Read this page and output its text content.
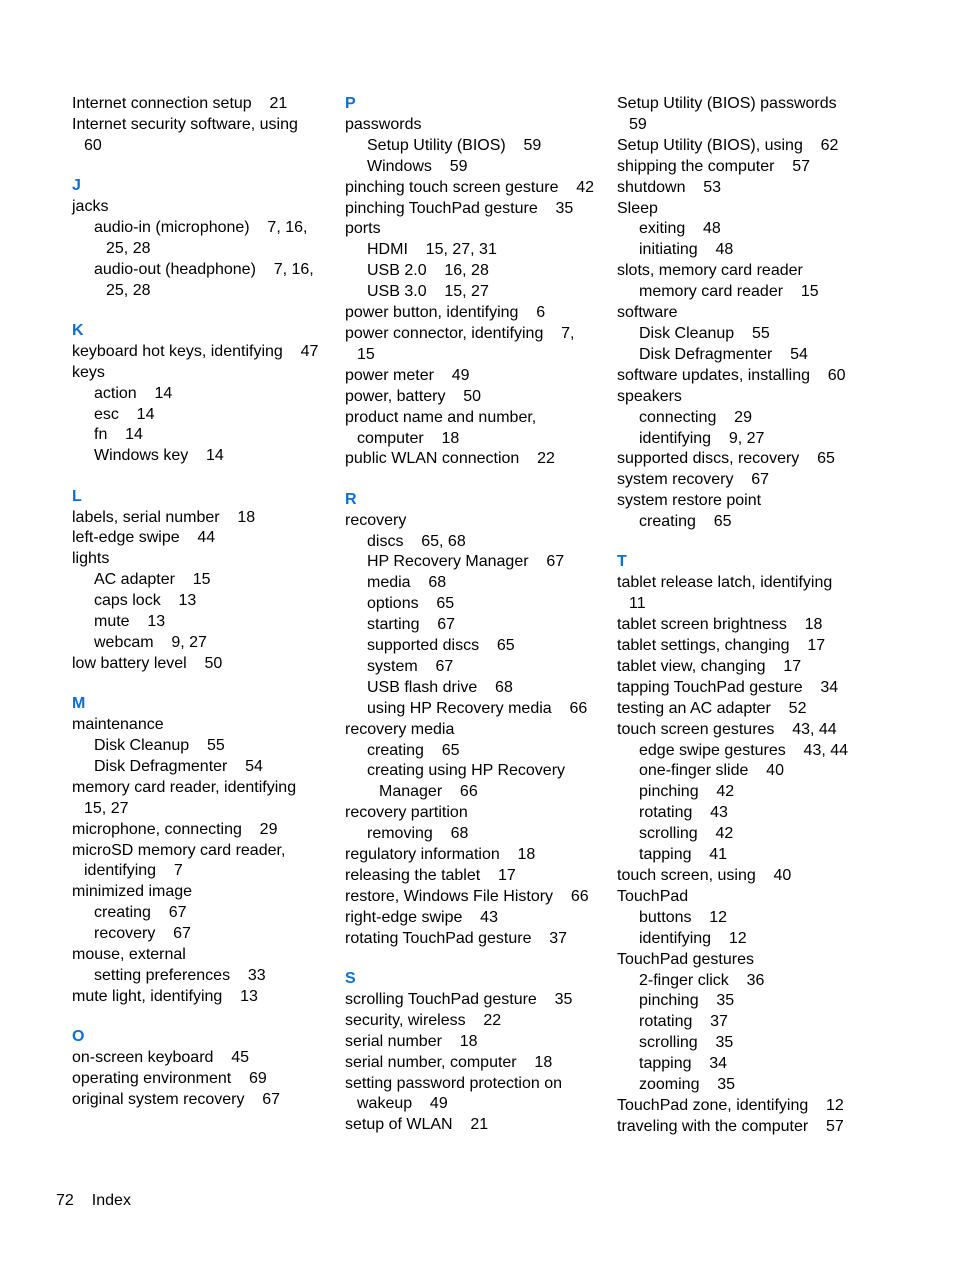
Internet connection setup    21
Internet security software, using
60
J
jacks
audio-in (microphone)    7, 16,
25, 28
audio-out (headphone)    7, 16,
25, 28
K
keyboard hot keys, identifying    47
keys
action    14
esc    14
fn    14
Windows key    14
L
labels, serial number    18
left-edge swipe    44
lights
AC adapter    15
caps lock    13
mute    13
webcam    9, 27
low battery level    50
M
maintenance
Disk Cleanup    55
Disk Defragmenter    54
memory card reader, identifying
15, 27
microphone, connecting    29
microSD memory card reader,
identifying    7
minimized image
creating    67
recovery    67
mouse, external
setting preferences    33
mute light, identifying    13
O
on-screen keyboard    45
operating environment    69
original system recovery    67
P
passwords
Setup Utility (BIOS)    59
Windows    59
pinching touch screen gesture    42
pinching TouchPad gesture    35
ports
HDMI    15, 27, 31
USB 2.0    16, 28
USB 3.0    15, 27
power button, identifying    6
power connector, identifying    7,
15
power meter    49
power, battery    50
product name and number,
computer    18
public WLAN connection    22
R
recovery
discs    65, 68
HP Recovery Manager    67
media    68
options    65
starting    67
supported discs    65
system    67
USB flash drive    68
using HP Recovery media    66
recovery media
creating    65
creating using HP Recovery
Manager    66
recovery partition
removing    68
regulatory information    18
releasing the tablet    17
restore, Windows File History    66
right-edge swipe    43
rotating TouchPad gesture    37
S
scrolling TouchPad gesture    35
security, wireless    22
serial number    18
serial number, computer    18
setting password protection on
wakeup    49
setup of WLAN    21
Setup Utility (BIOS) passwords
59
Setup Utility (BIOS), using    62
shipping the computer    57
shutdown    53
Sleep
exiting    48
initiating    48
slots, memory card reader
memory card reader    15
software
Disk Cleanup    55
Disk Defragmenter    54
software updates, installing    60
speakers
connecting    29
identifying    9, 27
supported discs, recovery    65
system recovery    67
system restore point
creating    65
T
tablet release latch, identifying
11
tablet screen brightness    18
tablet settings, changing    17
tablet view, changing    17
tapping TouchPad gesture    34
testing an AC adapter    52
touch screen gestures    43, 44
edge swipe gestures    43, 44
one-finger slide    40
pinching    42
rotating    43
scrolling    42
tapping    41
touch screen, using    40
TouchPad
buttons    12
identifying    12
TouchPad gestures
2-finger click    36
pinching    35
rotating    37
scrolling    35
tapping    34
zooming    35
TouchPad zone, identifying    12
traveling with the computer    57
72 Index
